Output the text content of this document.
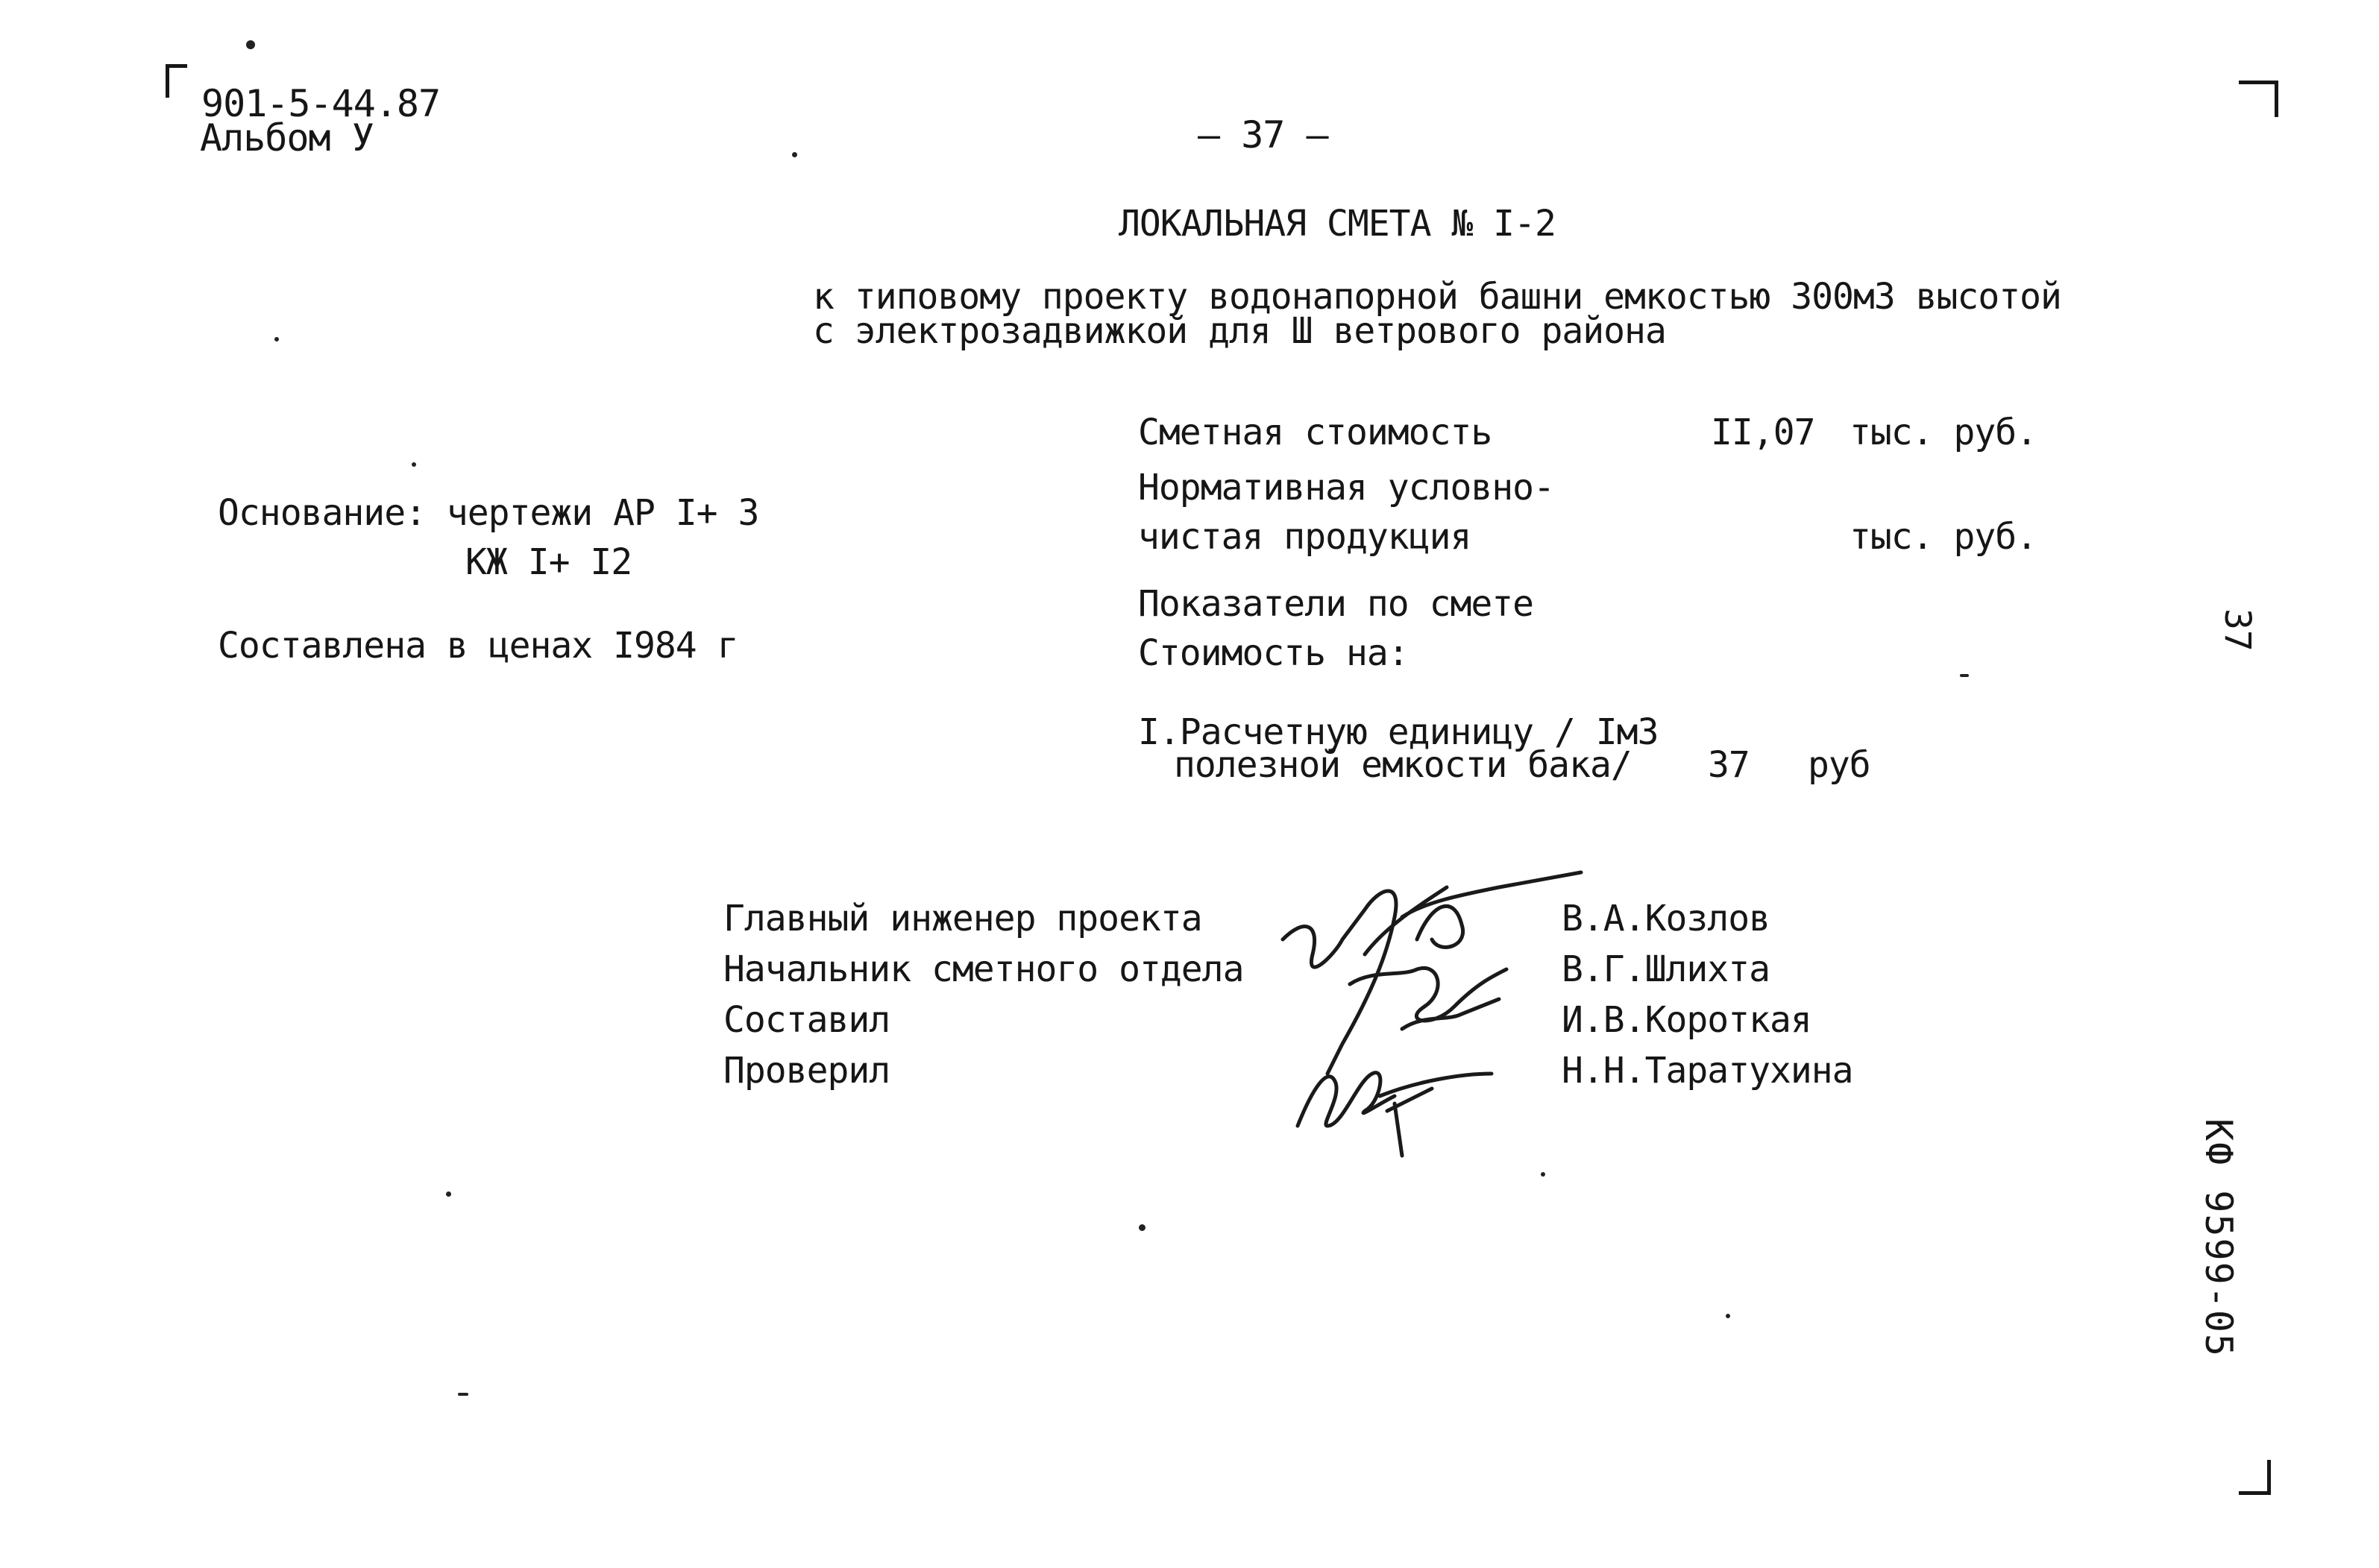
901-5-44.87
Альбом У	– 37 –
ЛОКАЛЬНАЯ СМЕТА № I-2
к типовому проекту водонапорной башни емкостью 300м3 высотой
с электрозадвижкой для Ш ветрового района
Основание: чертежи АР I+ 3
КЖ I+ I2
Составлена в ценах I984 г
Сметная стоимость	II,07 тыс. руб.
Нормативная условно-
чистая продукция	тыс. руб.
Показатели по смете
Стоимость на:
I.Расчетную единицу / Iм3
полезной емкости бака/ 37 руб
Главный инженер проекта	В.А.Козлов
Начальник сметного отдела	В.Г.Шлихта
Составил	И.В.Короткая
Проверил	Н.Н.Таратухина
37
КФ 9599-05
